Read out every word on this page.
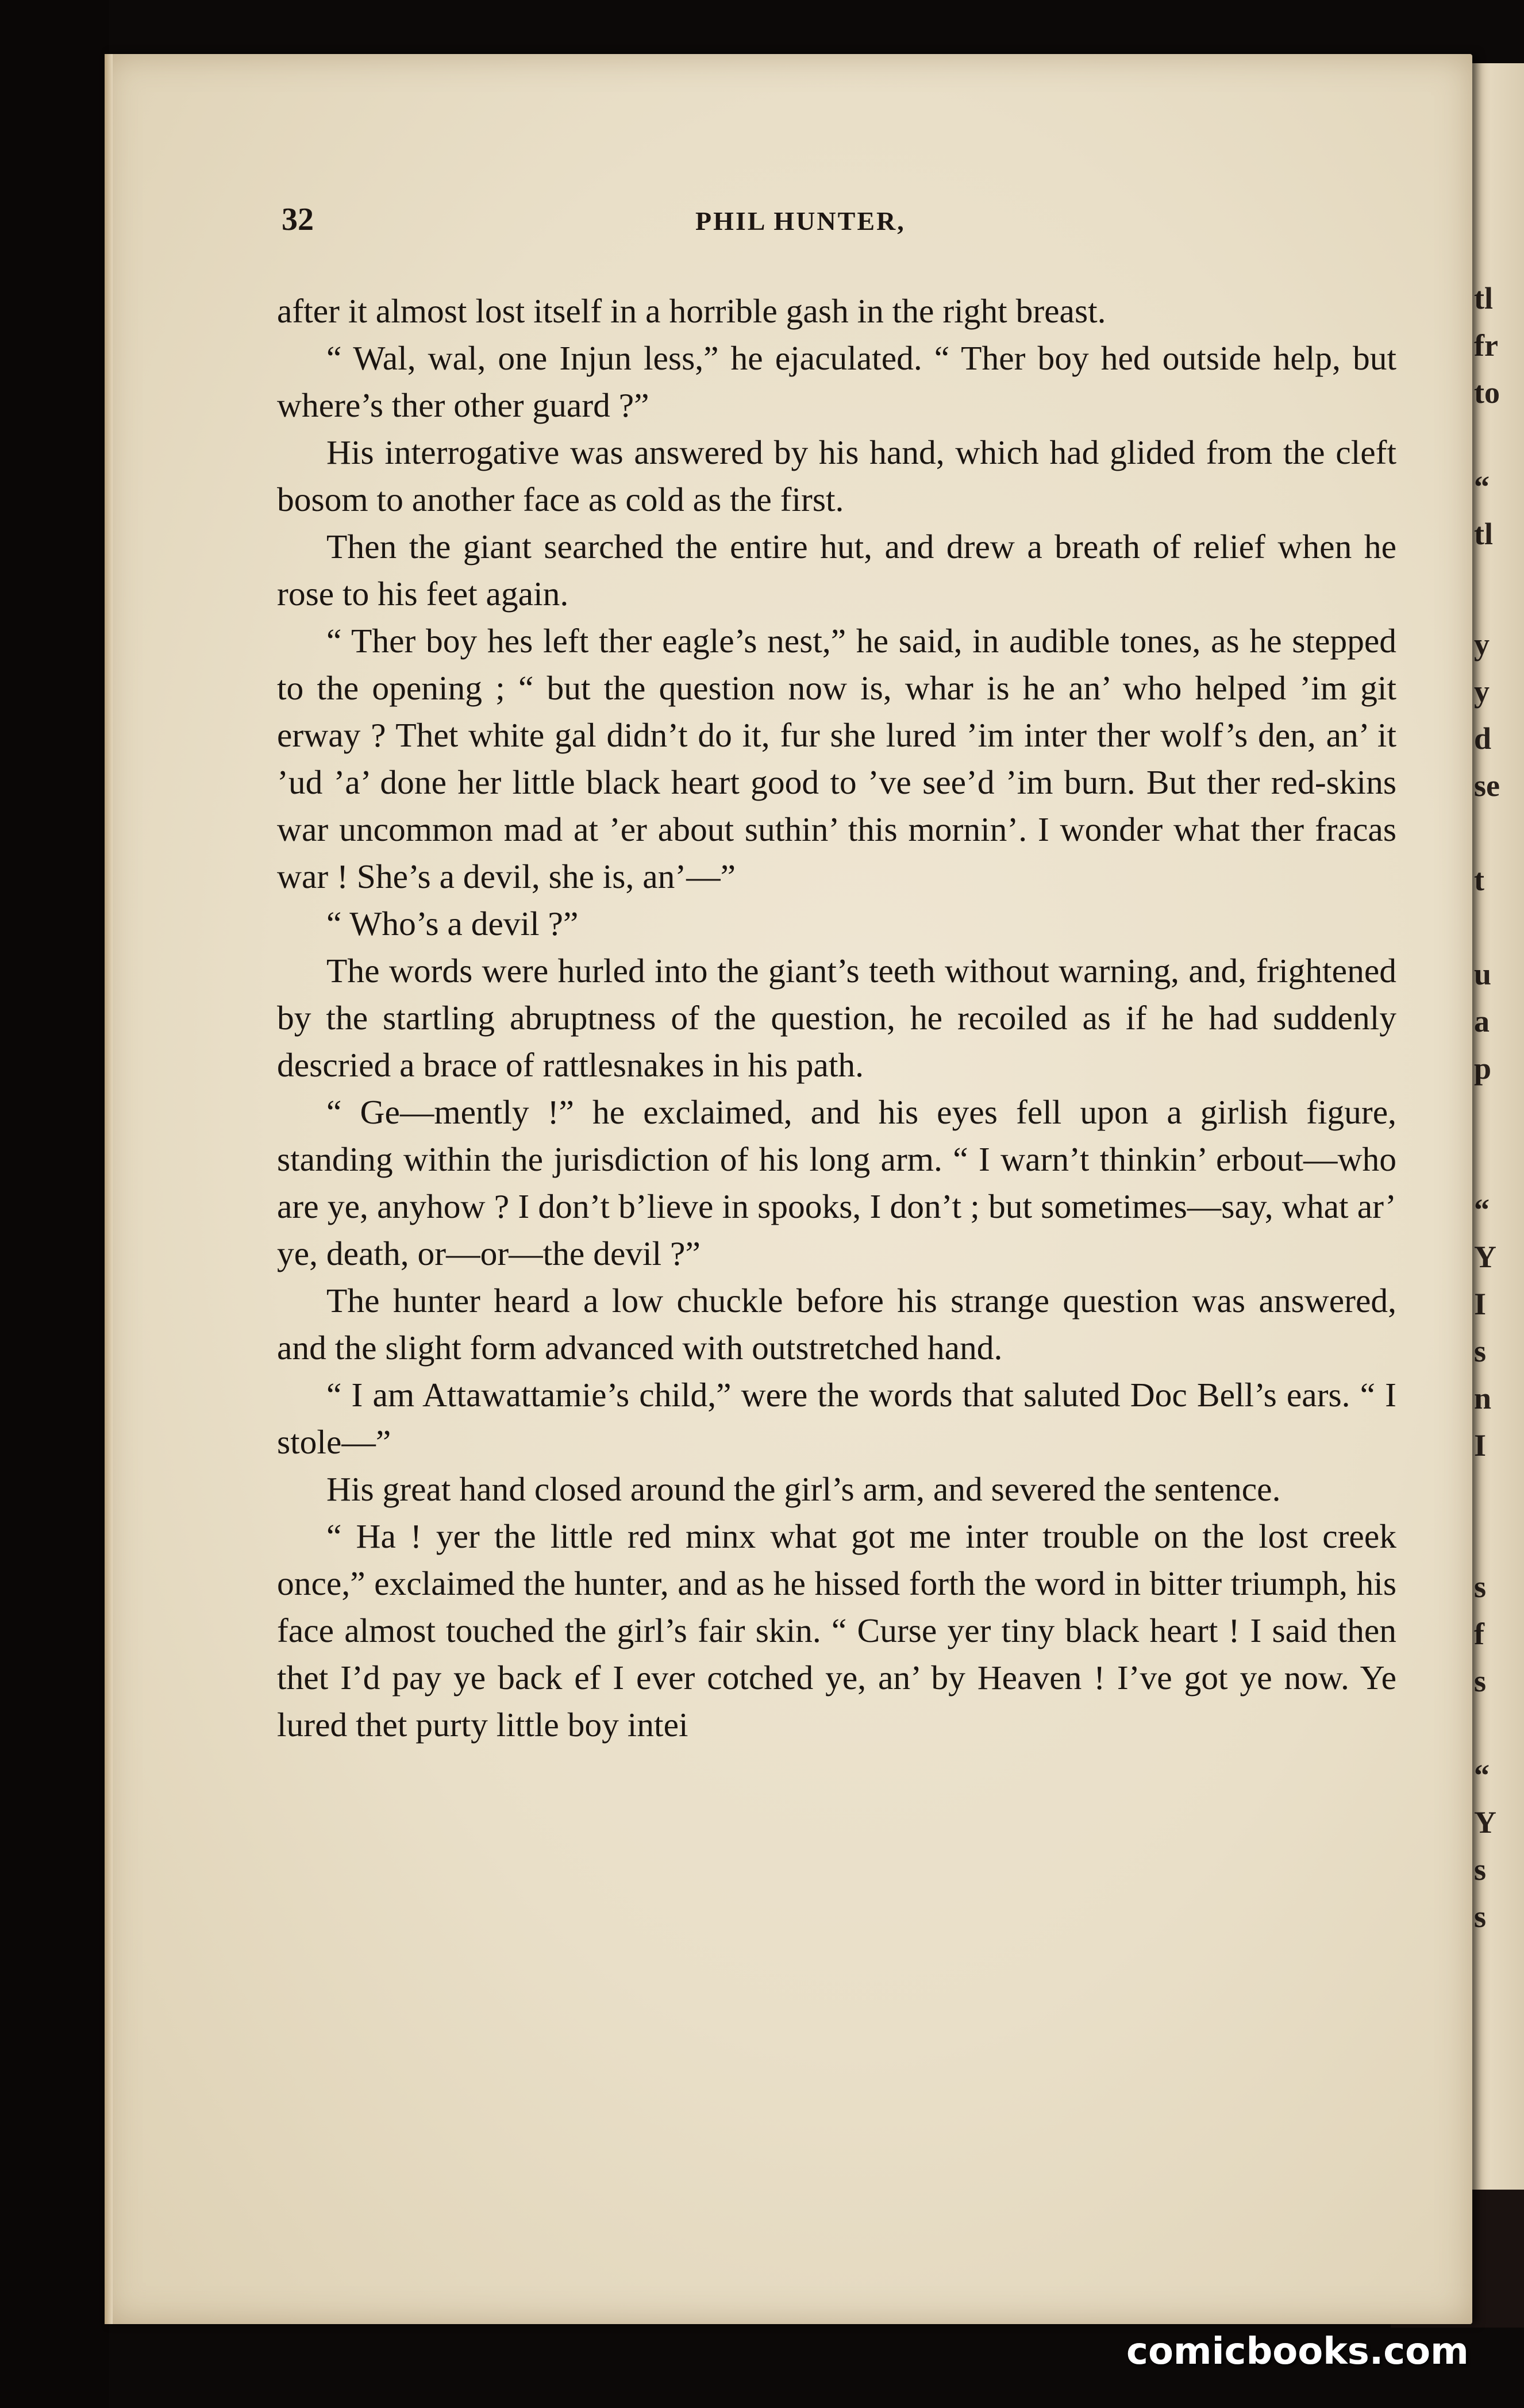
tl
fr
to
“
tl
y
y
d
se
t
u
a
p
“
Y
I
s
n
I
s
f
s
“
Y
s
s
32	PHIL HUNTER,

after it almost lost itself in a horrible gash in the right breast.

“ Wal, wal, one Injun less,” he ejaculated. “ Ther boy hed outside help, but where’s ther other guard ?”

His interrogative was answered by his hand, which had glided from the cleft bosom to another face as cold as the first.

Then the giant searched the entire hut, and drew a breath of relief when he rose to his feet again.

“ Ther boy hes left ther eagle’s nest,” he said, in audible tones, as he stepped to the opening ; “ but the question now is, whar is he an’ who helped ’im git erway ? Thet white gal didn’t do it, fur she lured ’im inter ther wolf’s den, an’ it ’ud ’a’ done her little black heart good to ’ve see’d ’im burn. But ther red-skins war uncommon mad at ’er about suthin’ this mornin’. I wonder what ther fracas war ! She’s a devil, she is, an’—”

“ Who’s a devil ?”

The words were hurled into the giant’s teeth without warning, and, frightened by the startling abruptness of the question, he recoiled as if he had suddenly descried a brace of rattlesnakes in his path.

“ Ge—mently !” he exclaimed, and his eyes fell upon a girlish figure, standing within the jurisdiction of his long arm. “ I warn’t thinkin’ erbout—who are ye, anyhow ? I don’t b’lieve in spooks, I don’t ; but sometimes—say, what ar’ ye, death, or—or—the devil ?”

The hunter heard a low chuckle before his strange question was answered, and the slight form advanced with outstretched hand.

“ I am Attawattamie’s child,” were the words that saluted Doc Bell’s ears. “ I stole—”

His great hand closed around the girl’s arm, and severed the sentence.

“ Ha ! yer the little red minx what got me inter trouble on the lost creek once,” exclaimed the hunter, and as he hissed forth the word in bitter triumph, his face almost touched the girl’s fair skin. “ Curse yer tiny black heart ! I said then thet I’d pay ye back ef I ever cotched ye, an’ by Heaven ! I’ve got ye now. Ye lured thet purty little boy intei

comicbooks.com
